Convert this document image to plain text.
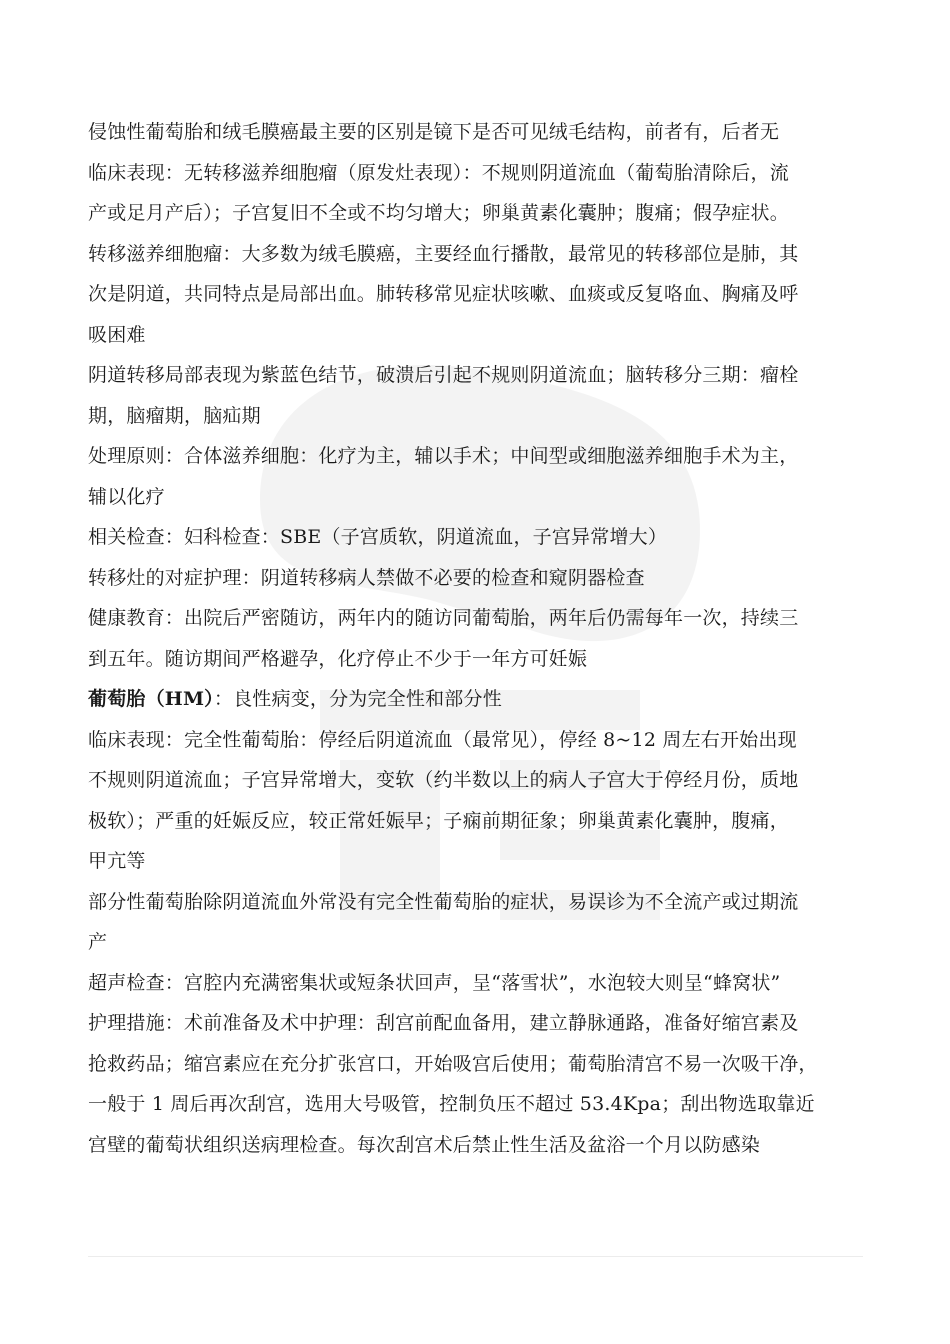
侵蚀性葡萄胎和绒毛膜癌最主要的区别是镜下是否可见绒毛结构，前者有，后者无
临床表现：无转移滋养细胞瘤（原发灶表现）：不规则阴道流血（葡萄胎清除后，流
产或足月产后）；子宫复旧不全或不均匀增大；卵巢黄素化囊肿；腹痛；假孕症状。
转移滋养细胞瘤：大多数为绒毛膜癌，主要经血行播散，最常见的转移部位是肺，其
次是阴道，共同特点是局部出血。肺转移常见症状咳嗽、血痰或反复咯血、胸痛及呼
吸困难
阴道转移局部表现为紫蓝色结节，破溃后引起不规则阴道流血；脑转移分三期：瘤栓
期，脑瘤期，脑疝期
处理原则：合体滋养细胞：化疗为主，辅以手术；中间型或细胞滋养细胞手术为主，
辅以化疗
相关检查：妇科检查：SBE（子宫质软，阴道流血，子宫异常增大）
转移灶的对症护理：阴道转移病人禁做不必要的检查和窥阴器检查
健康教育：出院后严密随访，两年内的随访同葡萄胎，两年后仍需每年一次，持续三
到五年。随访期间严格避孕，化疗停止不少于一年方可妊娠
葡萄胎（HM）：良性病变，分为完全性和部分性
临床表现：完全性葡萄胎：停经后阴道流血（最常见），停经 8~12 周左右开始出现
不规则阴道流血；子宫异常增大，变软（约半数以上的病人子宫大于停经月份，质地
极软）；严重的妊娠反应，较正常妊娠早；子痫前期征象；卵巢黄素化囊肿，腹痛，
甲亢等
部分性葡萄胎除阴道流血外常没有完全性葡萄胎的症状，易误诊为不全流产或过期流
产
超声检查：宫腔内充满密集状或短条状回声，呈“落雪状”，水泡较大则呈“蜂窝状”
护理措施：术前准备及术中护理：刮宫前配血备用，建立静脉通路，准备好缩宫素及
抢救药品；缩宫素应在充分扩张宫口，开始吸宫后使用；葡萄胎清宫不易一次吸干净，
一般于 1 周后再次刮宫，选用大号吸管，控制负压不超过 53.4Kpa；刮出物选取靠近
宫壁的葡萄状组织送病理检查。每次刮宫术后禁止性生活及盆浴一个月以防感染
